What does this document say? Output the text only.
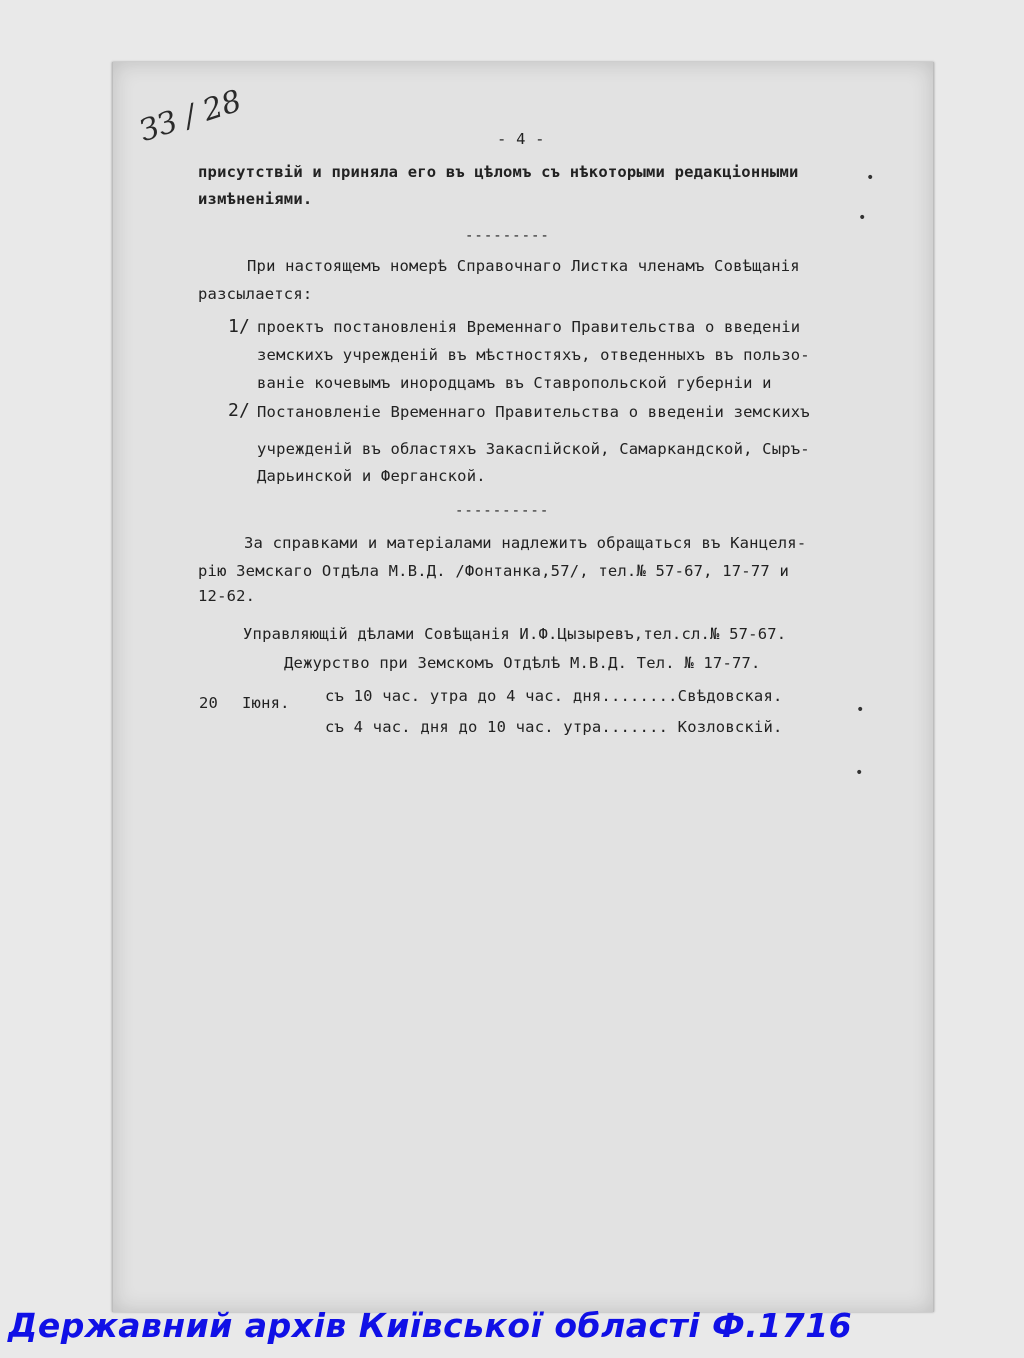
ЗЗ / 28	- 4 -
присутствій и приняла его въ цѣломъ съ нѣкоторыми редакціонными
измѣненіями.
---------
При настоящемъ номерѣ Справочнаго Листка членамъ Совѣщанія
разсылается:
1/ проектъ постановленія Временнаго Правительства о введеніи
земскихъ учрежденій въ мѣстностяхъ, отведенныхъ въ пользо-
ваніе кочевымъ инородцамъ въ Ставропольской губерніи и
2/ Постановленіе Временнаго Правительства о введеніи земскихъ
учрежденій въ областяхъ Закаспійской, Самаркандской, Сыръ-
Дарьинской и Ферганской.
----------
За справками и матеріалами надлежитъ обращаться въ Канцеля-
рію Земскаго Отдѣла М.В.Д. /Фонтанка,57/, тел.№ 57-67, 17-77 и
12-62.
Управляющій дѣлами Совѣщанія И.Ф.Цызыревъ,тел.сл.№ 57-67.
Дежурство при Земскомъ Отдѣлѣ М.В.Д. Тел. № 17-77.
20 Іюня. съ 10 час. утра до 4 час. дня........Свѣдовская.
съ 4 час. дня до 10 час. утра....... Козловскій.
•
•
•
•
Державний архів Київської області Ф.1716
